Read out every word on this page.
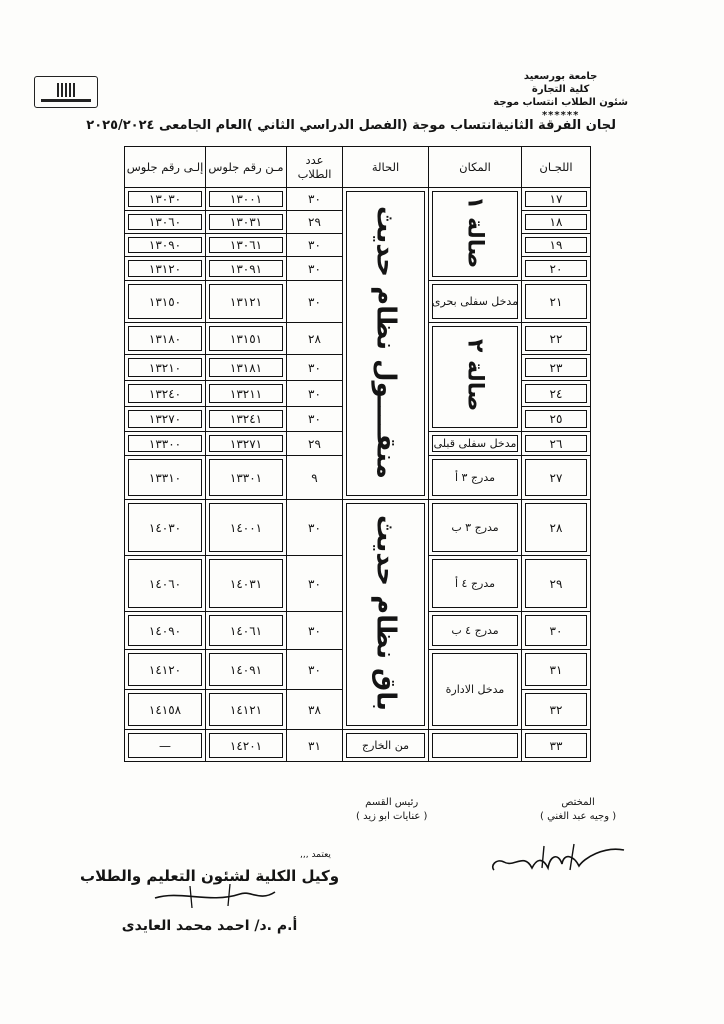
جامعة بورسعيد
كلية التجارة
شئون الطلاب انتساب موجة
******
لجان الفرقة الثانيةانتساب موجة (الفصل الدراسي الثاني )العام الجامعى ٢٠٢٥/٢٠٢٤
اللجـان	المكان	الحالة	عدد الطلاب	مـن رقم جلوس	إلـى رقم جلوس
١٧	صالة ١	منقــــول نظام حديث	٣٠	١٣٠٠١	١٣٠٣٠
١٨			٢٩	١٣٠٣١	١٣٠٦٠
١٩			٣٠	١٣٠٦١	١٣٠٩٠
٢٠			٣٠	١٣٠٩١	١٣١٢٠
٢١	مدخل سفلى بحرى		٣٠	١٣١٢١	١٣١٥٠
٢٢	صالة ٢		٢٨	١٣١٥١	١٣١٨٠
٢٣			٣٠	١٣١٨١	١٣٢١٠
٢٤			٣٠	١٣٢١١	١٣٢٤٠
٢٥			٣٠	١٣٢٤١	١٣٢٧٠
٢٦	مدخل سفلى قبلى		٢٩	١٣٢٧١	١٣٣٠٠
٢٧	مدرج ٣ أ		٩	١٣٣٠١	١٣٣١٠
٢٨	مدرج ٣ ب	باق نظام حديث	٣٠	١٤٠٠١	١٤٠٣٠
٢٩	مدرج ٤ أ		٣٠	١٤٠٣١	١٤٠٦٠
٣٠	مدرج ٤ ب		٣٠	١٤٠٦١	١٤٠٩٠
٣١	مدخل الادارة		٣٠	١٤٠٩١	١٤١٢٠
٣٢			٣٨	١٤١٢١	١٤١٥٨
٣٣		من الخارج	٣١	١٤٢٠١	—
المختص
( وجيه عبد الغني )
رئيس القسم
( عنايات ابو زيد )
يعتمد ,,,
وكيل الكلية لشئون التعليم والطلاب
أ.م .د/ احمد محمد العايدى
